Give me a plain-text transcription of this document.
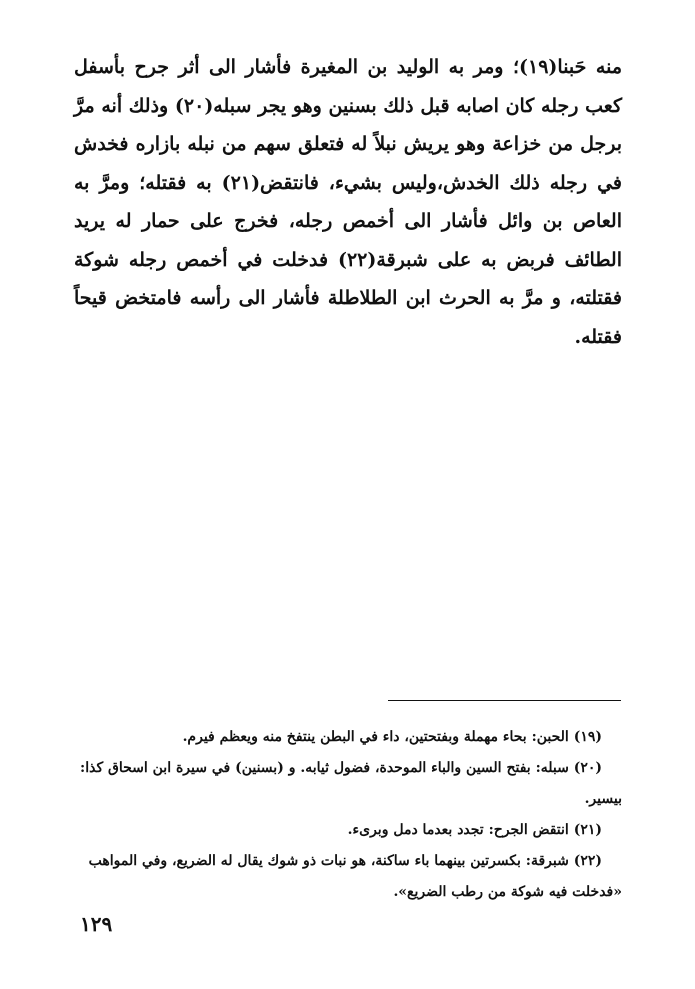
منه حَبنا(١٩)؛ ومر به الوليد بن المغيرة فأشار الى أثر جرح بأسفل كعب رجله كان اصابه قبل ذلك بسنين وهو يجر سبله(٢٠) وذلك أنه مرَّ برجل من خزاعة وهو يريش نبلاً له فتعلق سهم من نبله بازاره فخدش في رجله ذلك الخدش،وليس بشيء، فانتقض(٢١) به فقتله؛ ومرَّ به العاص بن وائل فأشار الى أخمص رجله، فخرج على حمار له يريد الطائف فربض به على شبرقة(٢٢) فدخلت في أخمص رجله شوكة فقتلته، و مرَّ به الحرث ابن الطلاطلة فأشار الى رأسه فامتخض قيحاً فقتله.

(١٩) الحبن: بحاء مهملة وبفتحتين، داء في البطن ينتفخ منه ويعظم فيرم.

(٢٠) سبله: بفتح السين والباء الموحدة، فضول ثيابه. و (بسنين) في سيرة ابن اسحاق كذا:

بيسير.

(٢١) انتقض الجرح: تجدد بعدما دمل وبرىء.

(٢٢) شبرقة: بكسرتين بينهما باء ساكنة، هو نبات ذو شوك يقال له الضريع، وفي المواهب

«فدخلت فيه شوكة من رطب الضريع».

١٢٩
